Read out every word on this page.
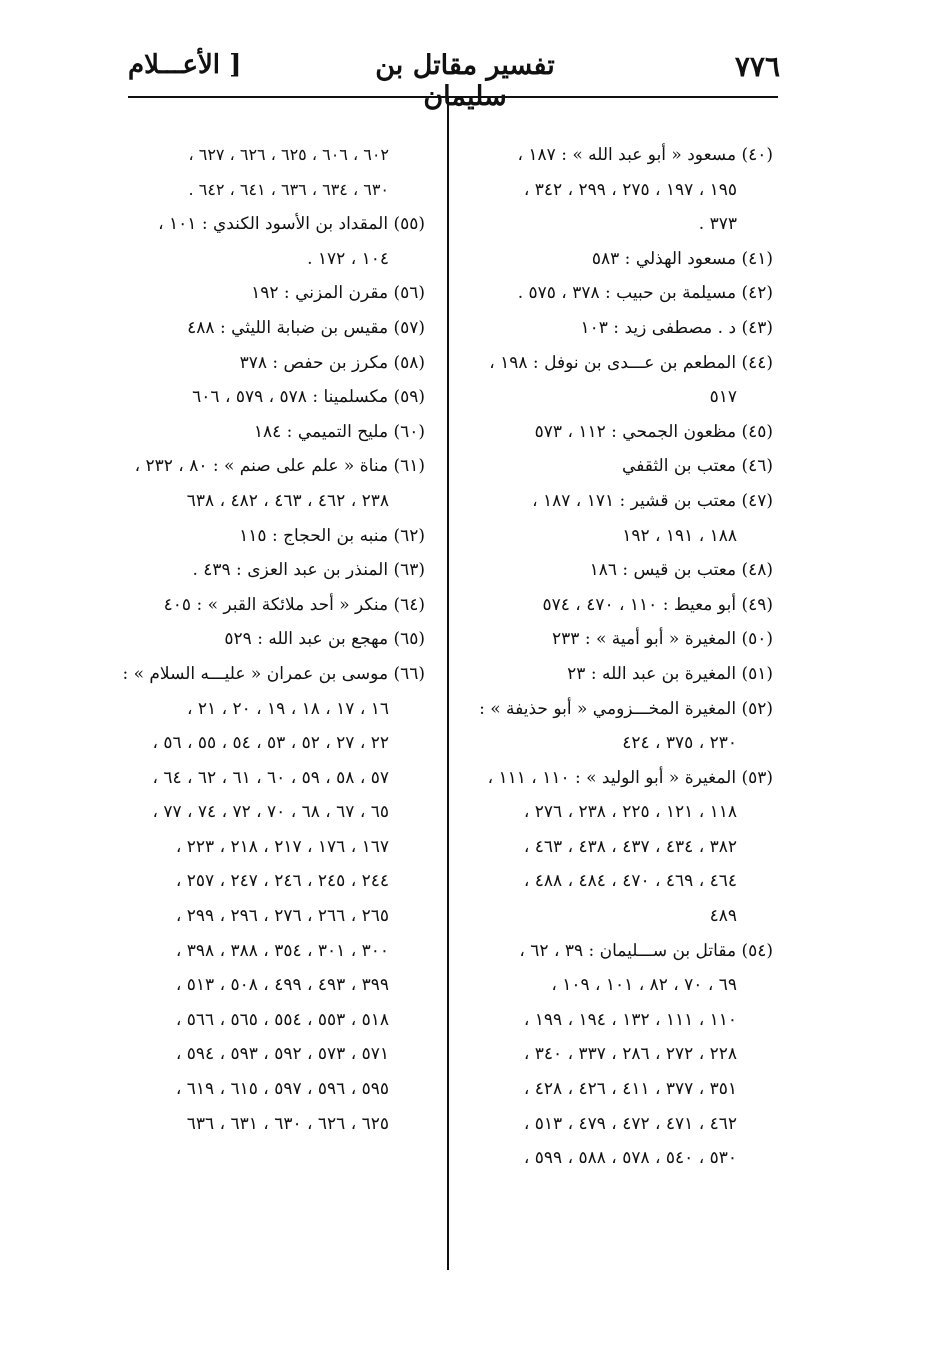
٧٧٦
تفسير مقاتل بن سليمان
[ الأعـــلام

(٤٠) مسعود « أبو عبد الله » : ١٨٧ ،
١٩٥ ، ١٩٧ ، ٢٧٥ ، ٢٩٩ ، ٣٤٢ ،
٣٧٣ .

(٤١) مسعود الهذلي : ٥٨٣

(٤٢) مسيلمة بن حبيب : ٣٧٨ ، ٥٧٥ .

(٤٣) د . مصطفى زيد : ١٠٣

(٤٤) المطعم بن عـــدى بن نوفل : ١٩٨ ،
٥١٧

(٤٥) مظعون الجمحي : ١١٢ ، ٥٧٣

(٤٦) معتب بن الثقفي

(٤٧) معتب بن قشير : ١٧١ ، ١٨٧ ،
١٨٨ ، ١٩١ ، ١٩٢

(٤٨) معتب بن قيس : ١٨٦

(٤٩) أبو معيط : ١١٠ ، ٤٧٠ ، ٥٧٤

(٥٠) المغيرة « أبو أمية » : ٢٣٣

(٥١) المغيرة بن عبد الله : ٢٣

(٥٢) المغيرة المخـــزومي « أبو حذيفة » :
٢٣٠ ، ٣٧٥ ، ٤٢٤

(٥٣) المغيرة « أبو الوليد » : ١١٠ ، ١١١ ،
١١٨ ، ١٢١ ، ٢٢٥ ، ٢٣٨ ، ٢٧٦ ،
٣٨٢ ، ٤٣٤ ، ٤٣٧ ، ٤٣٨ ، ٤٦٣ ،
٤٦٤ ، ٤٦٩ ، ٤٧٠ ، ٤٨٤ ، ٤٨٨ ،
٤٨٩

(٥٤) مقاتل بن ســـليمان : ٣٩ ، ٦٢ ،
٦٩ ، ٧٠ ، ٨٢ ، ١٠١ ، ١٠٩ ،
١١٠ ، ١١١ ، ١٣٢ ، ١٩٤ ، ١٩٩ ،
٢٢٨ ، ٢٧٢ ، ٢٨٦ ، ٣٣٧ ، ٣٤٠ ،
٣٥١ ، ٣٧٧ ، ٤١١ ، ٤٢٦ ، ٤٢٨ ،
٤٦٢ ، ٤٧١ ، ٤٧٢ ، ٤٧٩ ، ٥١٣ ،
٥٣٠ ، ٥٤٠ ، ٥٧٨ ، ٥٨٨ ، ٥٩٩ ،

٦٠٢ ، ٦٠٦ ، ٦٢٥ ، ٦٢٦ ، ٦٢٧ ،

٦٣٠ ، ٦٣٤ ، ٦٣٦ ، ٦٤١ ، ٦٤٢ .

(٥٥) المقداد بن الأسود الكندي : ١٠١ ،
١٠٤ ، ١٧٢ .

(٥٦) مقرن المزني : ١٩٢

(٥٧) مقيس بن ضبابة الليثي : ٤٨٨

(٥٨) مكرز بن حفص : ٣٧٨

(٥٩) مكسلمينا : ٥٧٨ ، ٥٧٩ ، ٦٠٦

(٦٠) مليح التميمي : ١٨٤

(٦١) مناة « علم على صنم » : ٨٠ ، ٢٣٢ ،
٢٣٨ ، ٤٦٢ ، ٤٦٣ ، ٤٨٢ ، ٦٣٨

(٦٢) منبه بن الحجاج : ١١٥

(٦٣) المنذر بن عبد العزى : ٤٣٩ .

(٦٤) منكر « أحد ملائكة القبر » : ٤٠٥

(٦٥) مهجع بن عبد الله : ٥٢٩

(٦٦) موسى بن عمران « عليـــه السلام » :
١٦ ، ١٧ ، ١٨ ، ١٩ ، ٢٠ ، ٢١ ،
٢٢ ، ٢٧ ، ٥٢ ، ٥٣ ، ٥٤ ، ٥٥ ، ٥٦ ،
٥٧ ، ٥٨ ، ٥٩ ، ٦٠ ، ٦١ ، ٦٢ ، ٦٤ ،
٦٥ ، ٦٧ ، ٦٨ ، ٧٠ ، ٧٢ ، ٧٤ ، ٧٧ ،
١٦٧ ، ١٧٦ ، ٢١٧ ، ٢١٨ ، ٢٢٣ ،
٢٤٤ ، ٢٤٥ ، ٢٤٦ ، ٢٤٧ ، ٢٥٧ ،
٢٦٥ ، ٢٦٦ ، ٢٧٦ ، ٢٩٦ ، ٢٩٩ ،
٣٠٠ ، ٣٠١ ، ٣٥٤ ، ٣٨٨ ، ٣٩٨ ،
٣٩٩ ، ٤٩٣ ، ٤٩٩ ، ٥٠٨ ، ٥١٣ ،
٥١٨ ، ٥٥٣ ، ٥٥٤ ، ٥٦٥ ، ٥٦٦ ،
٥٧١ ، ٥٧٣ ، ٥٩٢ ، ٥٩٣ ، ٥٩٤ ،
٥٩٥ ، ٥٩٦ ، ٥٩٧ ، ٦١٥ ، ٦١٩ ،
٦٢٥ ، ٦٢٦ ، ٦٣٠ ، ٦٣١ ، ٦٣٦
